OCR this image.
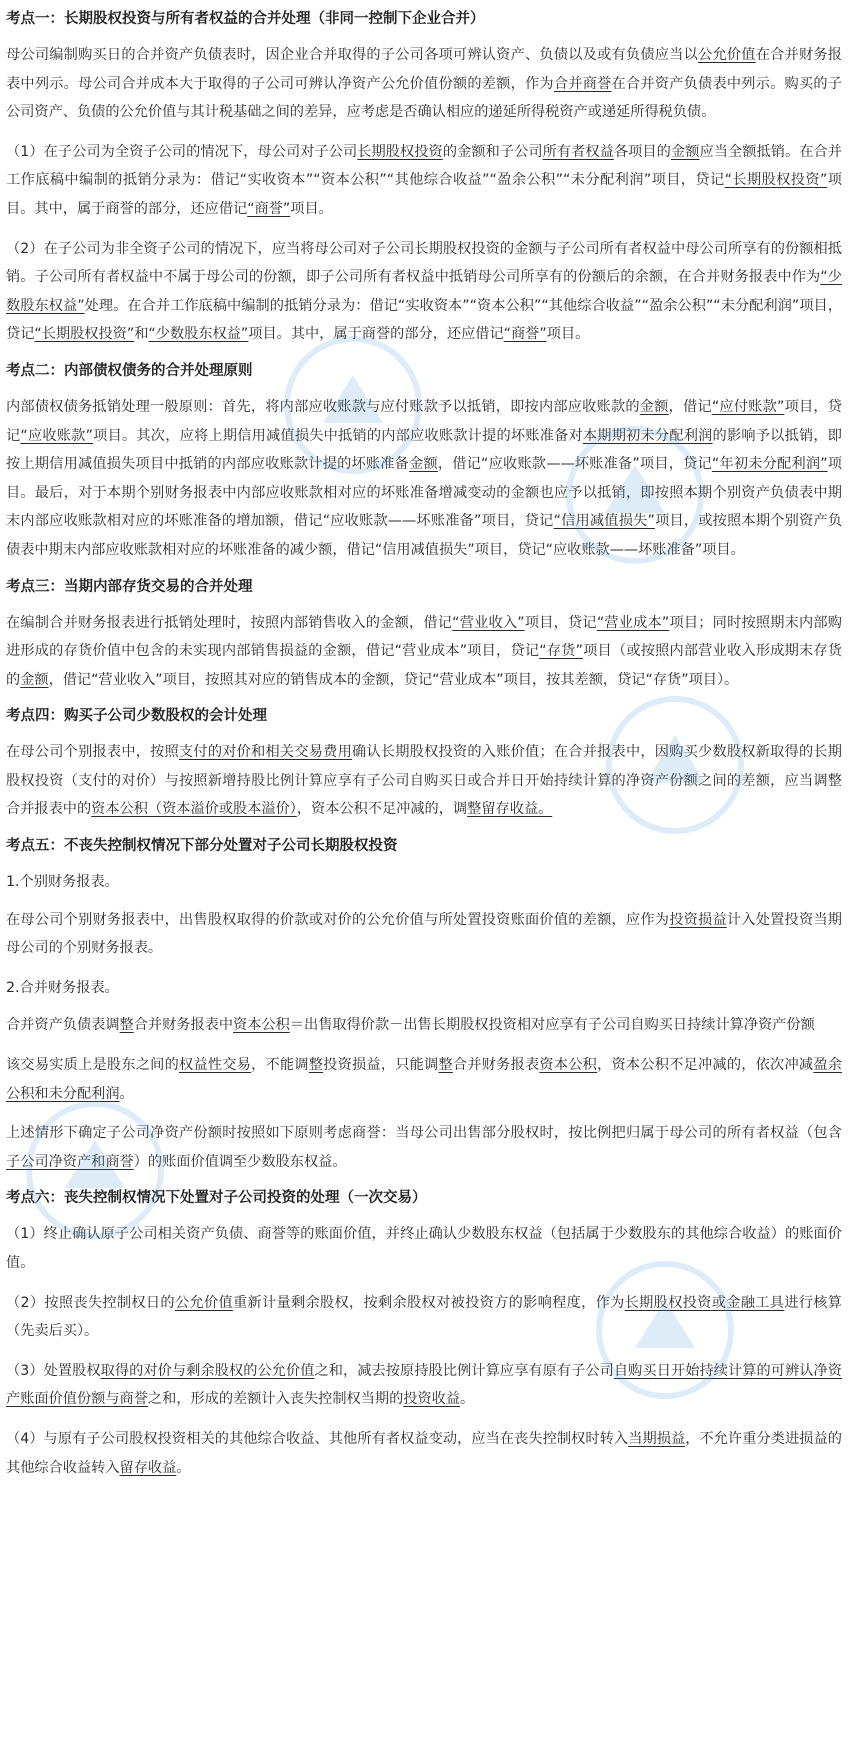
考点一：长期股权投资与所有者权益的合并处理（非同一控制下企业合并）
母公司编制购买日的合并资产负债表时，因企业合并取得的子公司各项可辨认资产、负债以及或有负债应当以公允价值在合并财务报表中列示。母公司合并成本大于取得的子公司可辨认净资产公允价值份额的差额，作为合并商誉在合并资产负债表中列示。购买的子公司资产、负债的公允价值与其计税基础之间的差异，应考虑是否确认相应的递延所得税资产或递延所得税负债。
（1）在子公司为全资子公司的情况下，母公司对子公司长期股权投资的金额和子公司所有者权益各项目的金额应当全额抵销。在合并工作底稿中编制的抵销分录为：借记“实收资本”“资本公积”“其他综合收益”“盈余公积”“未分配利润”项目，贷记“长期股权投资”项目。其中，属于商誉的部分，还应借记“商誉”项目。
（2）在子公司为非全资子公司的情况下，应当将母公司对子公司长期股权投资的金额与子公司所有者权益中母公司所享有的份额相抵销。子公司所有者权益中不属于母公司的份额，即子公司所有者权益中抵销母公司所享有的份额后的余额，在合并财务报表中作为“少数股东权益”处理。在合并工作底稿中编制的抵销分录为：借记“实收资本”“资本公积”“其他综合收益”“盈余公积”“未分配利润”项目，贷记“长期股权投资”和“少数股东权益”项目。其中，属于商誉的部分，还应借记“商誉”项目。
考点二：内部债权债务的合并处理原则
内部债权债务抵销处理一般原则：首先，将内部应收账款与应付账款予以抵销，即按内部应收账款的金额，借记“应付账款”项目，贷记“应收账款”项目。其次，应将上期信用减值损失中抵销的内部应收账款计提的坏账准备对本期期初未分配利润的影响予以抵销，即按上期信用减值损失项目中抵销的内部应收账款计提的坏账准备金额，借记“应收账款——坏账准备”项目，贷记“年初未分配利润”项目。最后，对于本期个别财务报表中内部应收账款相对应的坏账准备增减变动的金额也应予以抵销，即按照本期个别资产负债表中期末内部应收账款相对应的坏账准备的增加额，借记“应收账款——坏账准备”项目，贷记“信用减值损失”项目，或按照本期个别资产负债表中期末内部应收账款相对应的坏账准备的减少额，借记“信用减值损失”项目，贷记“应收账款——坏账准备”项目。
考点三：当期内部存货交易的合并处理
在编制合并财务报表进行抵销处理时，按照内部销售收入的金额，借记“营业收入”项目，贷记“营业成本”项目；同时按照期末内部购进形成的存货价值中包含的未实现内部销售损益的金额，借记“营业成本”项目，贷记“存货”项目（或按照内部营业收入形成期末存货的金额，借记“营业收入”项目，按照其对应的销售成本的金额，贷记“营业成本”项目，按其差额，贷记“存货”项目）。
考点四：购买子公司少数股权的会计处理
在母公司个别报表中，按照支付的对价和相关交易费用确认长期股权投资的入账价值；在合并报表中，因购买少数股权新取得的长期股权投资（支付的对价）与按照新增持股比例计算应享有子公司自购买日或合并日开始持续计算的净资产份额之间的差额，应当调整合并报表中的资本公积（资本溢价或股本溢价），资本公积不足冲减的，调整留存收益。
考点五：不丧失控制权情况下部分处置对子公司长期股权投资
1.个别财务报表。
在母公司个别财务报表中，出售股权取得的价款或对价的公允价值与所处置投资账面价值的差额，应作为投资损益计入处置投资当期母公司的个别财务报表。
2.合并财务报表。
合并资产负债表调整合并财务报表中资本公积＝出售取得价款－出售长期股权投资相对应享有子公司自购买日持续计算净资产份额
该交易实质上是股东之间的权益性交易，不能调整投资损益，只能调整合并财务报表资本公积，资本公积不足冲减的，依次冲减盈余公积和未分配利润。
上述情形下确定子公司净资产份额时按照如下原则考虑商誉：当母公司出售部分股权时，按比例把归属于母公司的所有者权益（包含子公司净资产和商誉）的账面价值调至少数股东权益。
考点六：丧失控制权情况下处置对子公司投资的处理（一次交易）
（1）终止确认原子公司相关资产负债、商誉等的账面价值，并终止确认少数股东权益（包括属于少数股东的其他综合收益）的账面价值。
（2）按照丧失控制权日的公允价值重新计量剩余股权，按剩余股权对被投资方的影响程度，作为长期股权投资或金融工具进行核算（先卖后买）。
（3）处置股权取得的对价与剩余股权的公允价值之和，减去按原持股比例计算应享有原有子公司自购买日开始持续计算的可辨认净资产账面价值份额与商誉之和，形成的差额计入丧失控制权当期的投资收益。
（4）与原有子公司股权投资相关的其他综合收益、其他所有者权益变动，应当在丧失控制权时转入当期损益，不允许重分类进损益的其他综合收益转入留存收益。
